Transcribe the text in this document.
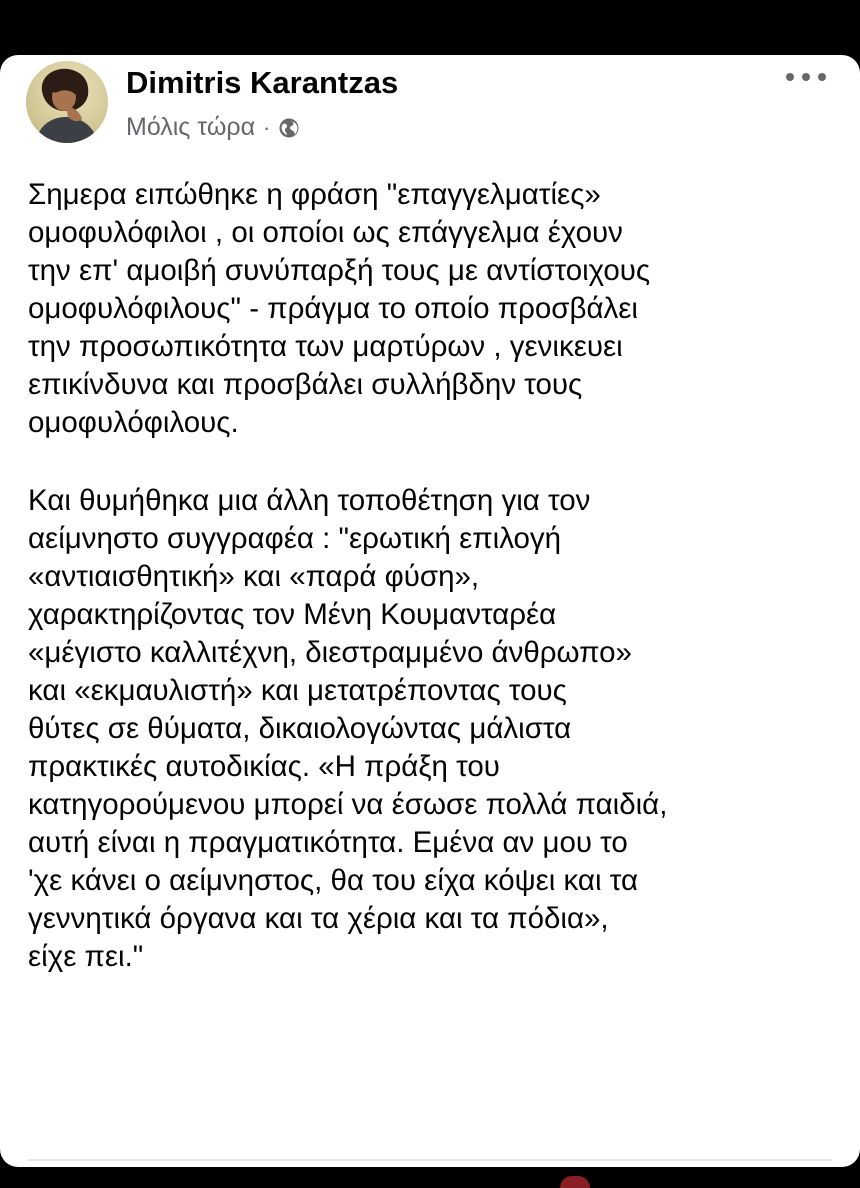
Dimitris Karantzas
Μόλις τώρα ·

Σημερα ειπώθηκε η φράση "επαγγελματίες»
ομοφυλόφιλοι , οι οποίοι ως επάγγελμα έχουν
την επ' αμοιβή συνύπαρξή τους με αντίστοιχους
ομοφυλόφιλους" - πράγμα το οποίο προσβάλει
την προσωπικότητα των μαρτύρων , γενικευει
επικίνδυνα και προσβάλει συλλήβδην τους
ομοφυλόφιλους.

Και θυμήθηκα μια άλλη τοποθέτηση για τον
αείμνηστο συγγραφέα : "ερωτική επιλογή
«αντιαισθητική» και «παρά φύση»,
χαρακτηρίζοντας τον Μένη Κουμανταρέα
«μέγιστο καλλιτέχνη, διεστραμμένο άνθρωπο»
και «εκμαυλιστή» και μετατρέποντας τους
θύτες σε θύματα, δικαιολογώντας μάλιστα
πρακτικές αυτοδικίας. «Η πράξη του
κατηγορούμενου μπορεί να έσωσε πολλά παιδιά,
αυτή είναι η πραγματικότητα. Εμένα αν μου το
'χε κάνει ο αείμνηστος, θα του είχα κόψει και τα
γεννητικά όργανα και τα χέρια και τα πόδια»,
είχε πει."
